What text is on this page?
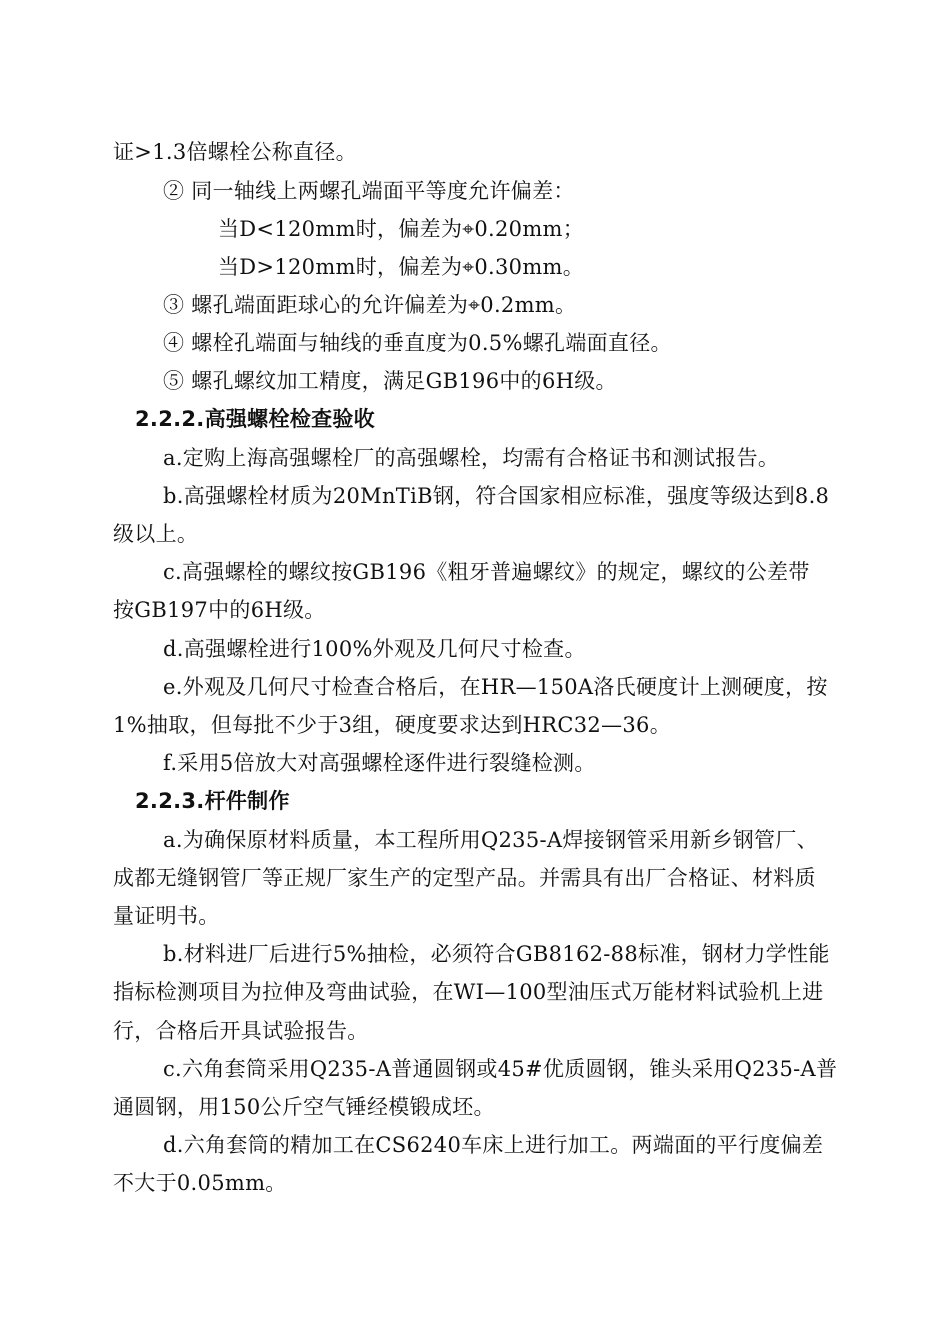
证>1.3倍螺栓公称直径。
② 同一轴线上两螺孔端面平等度允许偏差：
当D<120mm时，偏差为⌖0.20mm；
当D>120mm时，偏差为⌖0.30mm。
③ 螺孔端面距球心的允许偏差为⌖0.2mm。
④ 螺栓孔端面与轴线的垂直度为0.5%螺孔端面直径。
⑤ 螺孔螺纹加工精度，满足GB196中的6H级。
2.2.2.高强螺栓检查验收
a.定购上海高强螺栓厂的高强螺栓，均需有合格证书和测试报告。
b.高强螺栓材质为20MnTiB钢，符合国家相应标准，强度等级达到8.8
级以上。
c.高强螺栓的螺纹按GB196《粗牙普遍螺纹》的规定，螺纹的公差带
按GB197中的6H级。
d.高强螺栓进行100%外观及几何尺寸检查。
e.外观及几何尺寸检查合格后，在HR—150A洛氏硬度计上测硬度，按
1%抽取，但每批不少于3组，硬度要求达到HRC32—36。
f.采用5倍放大对高强螺栓逐件进行裂缝检测。
2.2.3.杆件制作
a.为确保原材料质量，本工程所用Q235-A焊接钢管采用新乡钢管厂、
成都无缝钢管厂等正规厂家生产的定型产品。并需具有出厂合格证、材料质
量证明书。
b.材料进厂后进行5%抽检，必须符合GB8162-88标准，钢材力学性能
指标检测项目为拉伸及弯曲试验，在WI—100型油压式万能材料试验机上进
行，合格后开具试验报告。
c.六角套筒采用Q235-A普通圆钢或45#优质圆钢，锥头采用Q235-A普
通圆钢，用150公斤空气锤经模锻成坯。
d.六角套筒的精加工在CS6240车床上进行加工。两端面的平行度偏差
不大于0.05mm。
